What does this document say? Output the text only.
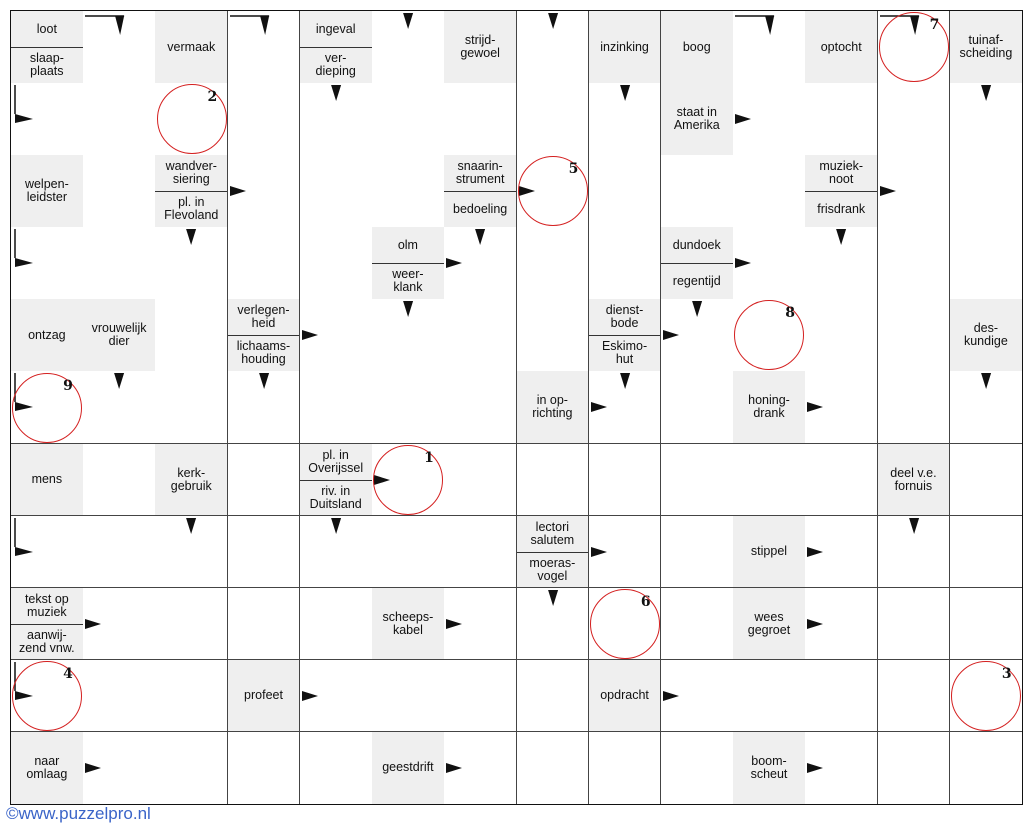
loot
slaap-
plaats
vermaak
ingeval
ver-
dieping
strijd-
gewoel	inzinking	boog	optocht	tuinaf-
scheiding
staat in
Amerika
welpen-
leidster
wandver-
siering
pl. in
Flevoland
snaarin-
strument
bedoeling
muziek-
noot
frisdrank
olm
weer-
klank
dundoek
regentijd
ontzag	vrouwelijk
dier
verlegen-
heid
lichaams-
houding
dienst-
bode
Eskimo-
hut
des-
kundige
in op-
richting
honing-
drank
mens	kerk-
gebruik
pl. in
Overijssel
riv. in
Duitsland
deel v.e.
fornuis
lectori
salutem
moeras-
vogel
stippel
tekst op
muziek
aanwij-
zend vnw.
scheeps-
kabel
wees
gegroet
profeet	opdracht
naar
omlaag	geestdrift	boom-
scheut
1
2
3
4
5
6
7
8
9
©www.puzzelpro.nl
